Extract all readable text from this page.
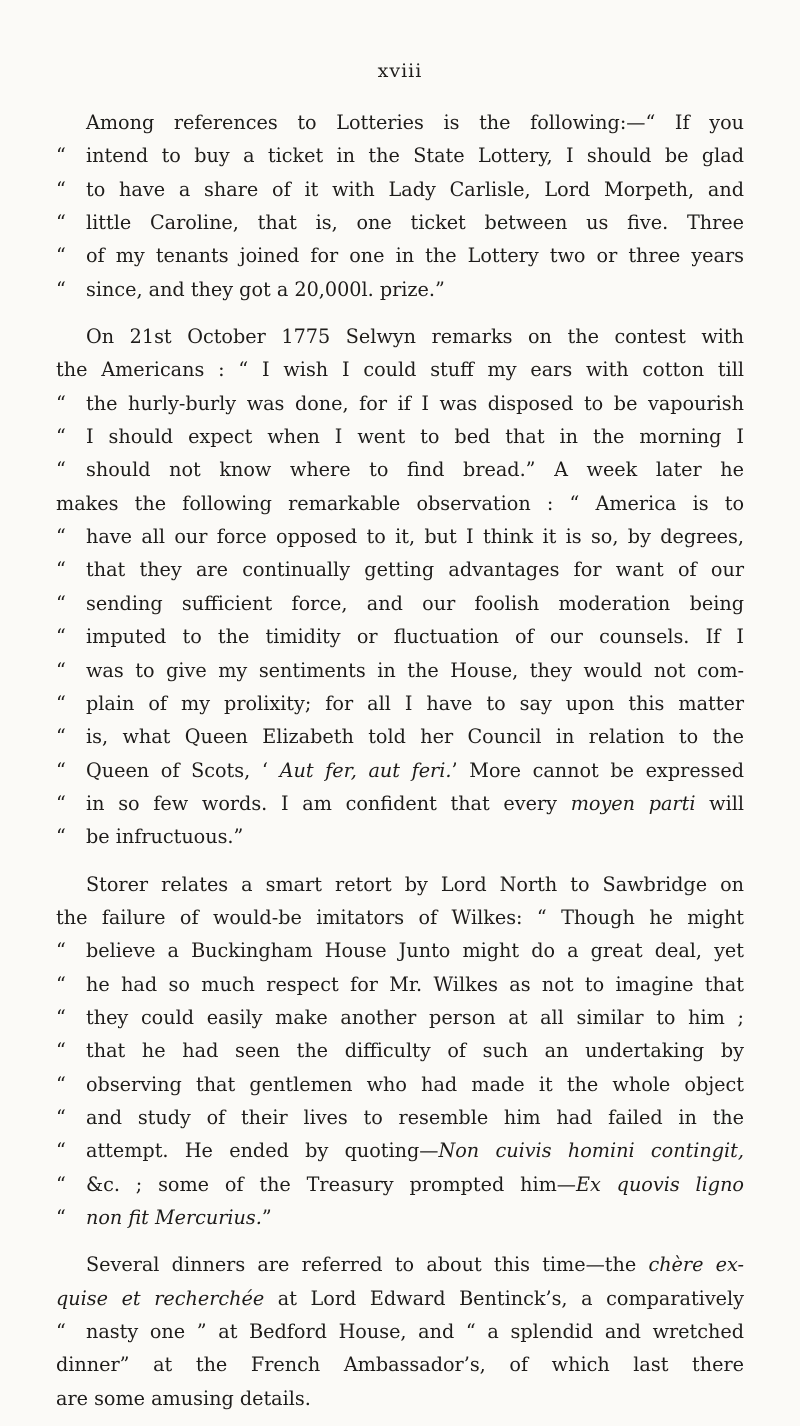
xviii
Among references to Lotteries is the following:—“ If you
“ intend to buy a ticket in the State Lottery, I should be glad
“ to have a share of it with Lady Carlisle, Lord Morpeth, and
“ little Caroline, that is, one ticket between us five. Three
“ of my tenants joined for one in the Lottery two or three years
“ since, and they got a 20,000l. prize.”
On 21st October 1775 Selwyn remarks on the contest with
the Americans : “ I wish I could stuff my ears with cotton till
“ the hurly-burly was done, for if I was disposed to be vapourish
“ I should expect when I went to bed that in the morning I
“ should not know where to find bread.” A week later he
makes the following remarkable observation : “ America is to
“ have all our force opposed to it, but I think it is so, by degrees,
“ that they are continually getting advantages for want of our
“ sending sufficient force, and our foolish moderation being
“ imputed to the timidity or fluctuation of our counsels. If I
“ was to give my sentiments in the House, they would not com-
“ plain of my prolixity; for all I have to say upon this matter
“ is, what Queen Elizabeth told her Council in relation to the
“ Queen of Scots, ‘ Aut fer, aut feri.’ More cannot be expressed
“ in so few words. I am confident that every moyen parti will
“ be infructuous.”
Storer relates a smart retort by Lord North to Sawbridge on
the failure of would-be imitators of Wilkes: “ Though he might
“ believe a Buckingham House Junto might do a great deal, yet
“ he had so much respect for Mr. Wilkes as not to imagine that
“ they could easily make another person at all similar to him ;
“ that he had seen the difficulty of such an undertaking by
“ observing that gentlemen who had made it the whole object
“ and study of their lives to resemble him had failed in the
“ attempt. He ended by quoting—Non cuivis homini contingit,
“ &c. ; some of the Treasury prompted him—Ex quovis ligno
“ non fit Mercurius.”
Several dinners are referred to about this time—the chère ex-
quise et recherchée at Lord Edward Bentinck’s, a comparatively
“ nasty one ” at Bedford House, and “ a splendid and wretched
dinner” at the French Ambassador’s, of which last there
are some amusing details.
